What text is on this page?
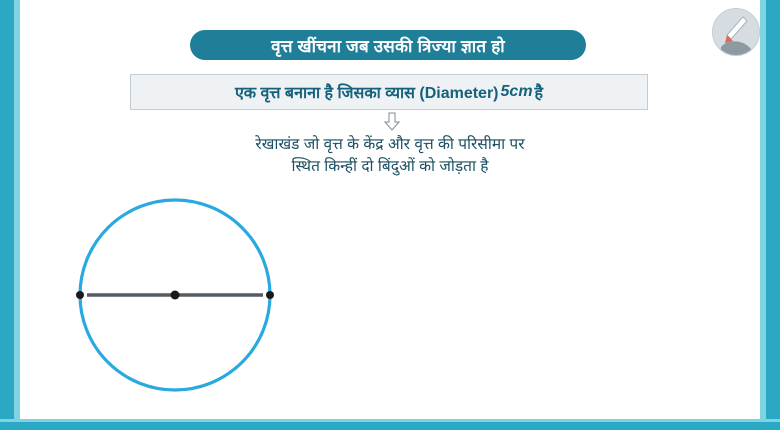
वृत्त खींचना जब उसकी त्रिज्या ज्ञात हो
एक वृत्त बनाना है जिसका व्यास (Diameter) 5cm है
रेखाखंड जो वृत्त के केंद्र और वृत्त की परिसीमा पर
स्थित किन्हीं दो बिंदुओं को जोड़ता है
